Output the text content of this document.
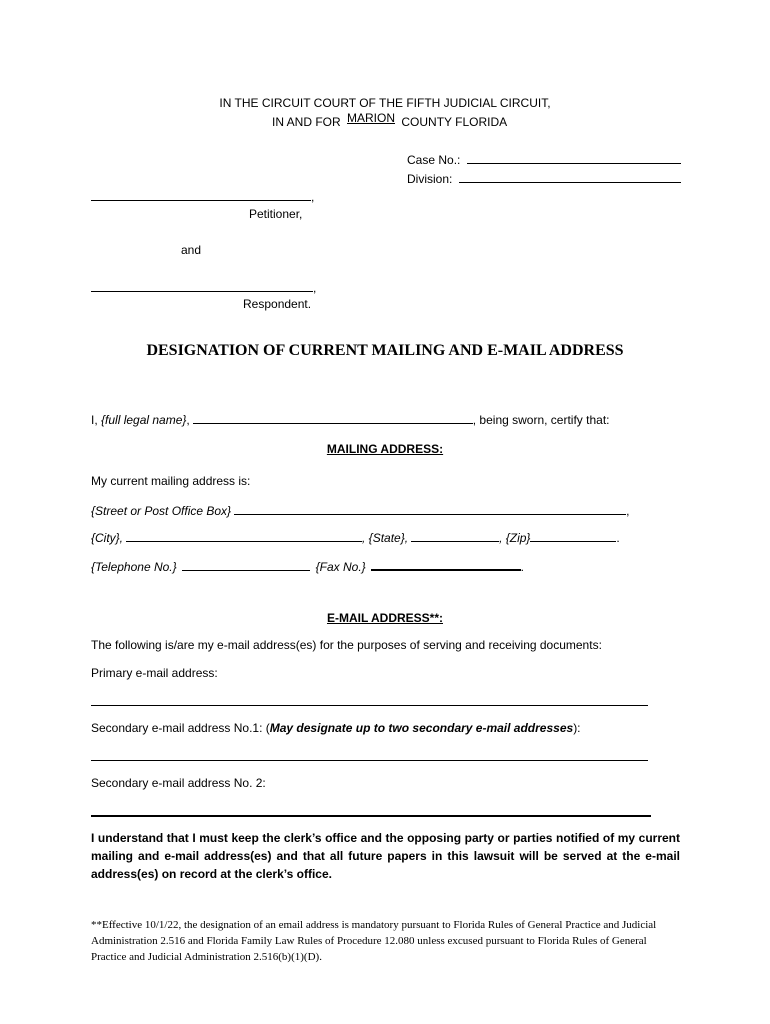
IN THE CIRCUIT COURT OF THE FIFTH JUDICIAL CIRCUIT,
IN AND FOR MARION COUNTY FLORIDA
Case No.:
Division:
,
Petitioner,
and
,
Respondent.
DESIGNATION OF CURRENT MAILING AND E-MAIL ADDRESS
I, {full legal name},	, being sworn, certify that:
MAILING ADDRESS:
My current mailing address is:
{Street or Post Office Box}	,
{City},	, {State},	, {Zip}	.
{Telephone No.}	{Fax No.}	.
E-MAIL ADDRESS**:
The following is/are my e-mail address(es) for the purposes of serving and receiving documents:
Primary e-mail address:
Secondary e-mail address No.1: (May designate up to two secondary e-mail addresses):
Secondary e-mail address No. 2:
I understand that I must keep the clerk’s office and the opposing party or parties notified of my current mailing and e-mail address(es) and that all future papers in this lawsuit will be served at the e-mail address(es) on record at the clerk’s office.
**Effective 10/1/22, the designation of an email address is mandatory pursuant to Florida Rules of General Practice and Judicial Administration 2.516 and Florida Family Law Rules of Procedure 12.080 unless excused pursuant to Florida Rules of General Practice and Judicial Administration 2.516(b)(1)(D).
